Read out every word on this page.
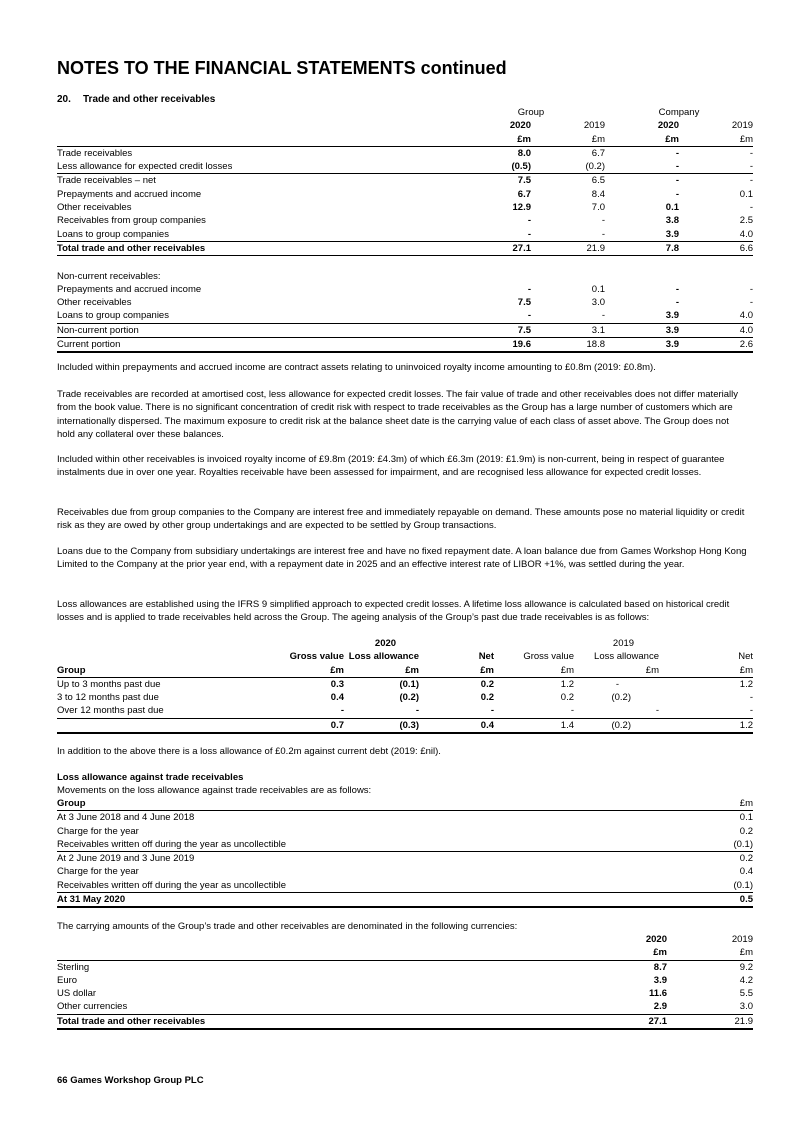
NOTES TO THE FINANCIAL STATEMENTS continued
20. Trade and other receivables
	Group		Company	
	2020	2019	2020	2019
	£m	£m	£m	£m
Trade receivables	8.0	6.7	-	-
Less allowance for expected credit losses	(0.5)	(0.2)	-	-
Trade receivables – net	7.5	6.5	-	-
Prepayments and accrued income	6.7	8.4	-	0.1
Other receivables	12.9	7.0	0.1	-
Receivables from group companies	-	-	3.8	2.5
Loans to group companies	-	-	3.9	4.0
Total trade and other receivables	27.1	21.9	7.8	6.6

Non-current receivables:				
Prepayments and accrued income	-	0.1	-	-
Other receivables	7.5	3.0	-	-
Loans to group companies	-	-	3.9	4.0
Non-current portion	7.5	3.1	3.9	4.0
Current portion	19.6	18.8	3.9	2.6
Included within prepayments and accrued income are contract assets relating to uninvoiced royalty income amounting to £0.8m (2019: £0.8m).
Trade receivables are recorded at amortised cost, less allowance for expected credit losses. The fair value of trade and other receivables does not differ materially from the book value. There is no significant concentration of credit risk with respect to trade receivables as the Group has a large number of customers which are internationally dispersed. The maximum exposure to credit risk at the balance sheet date is the carrying value of each class of asset above. The Group does not hold any collateral over these balances.
Included within other receivables is invoiced royalty income of £9.8m (2019: £4.3m) of which £6.3m (2019: £1.9m) is non-current, being in respect of guarantee instalments due in over one year. Royalties receivable have been assessed for impairment, and are recognised less allowance for expected credit losses.
Receivables due from group companies to the Company are interest free and immediately repayable on demand. These amounts pose no material liquidity or credit risk as they are owed by other group undertakings and are expected to be settled by Group transactions.
Loans due to the Company from subsidiary undertakings are interest free and have no fixed repayment date. A loan balance due from Games Workshop Hong Kong Limited to the Company at the prior year end, with a repayment date in 2025 and an effective interest rate of LIBOR +1%, was settled during the year.
Loss allowances are established using the IFRS 9 simplified approach to expected credit losses. A lifetime loss allowance is calculated based on historical credit losses and is applied to trade receivables held across the Group. The ageing analysis of the Group’s past due trade receivables is as follows:
	2020			2019		
	Gross value	Loss allowance	Net	Gross value	Loss allowance	Net
Group	£m	£m	£m	£m	£m	£m
Up to 3 months past due	0.3	(0.1)	0.2	1.2	-	1.2
3 to 12 months past due	0.4	(0.2)	0.2	0.2	(0.2)	-
Over 12 months past due	-	-	-	-	-	-
	0.7	(0.3)	0.4	1.4	(0.2)	1.2
In addition to the above there is a loss allowance of £0.2m against current debt (2019: £nil).
Loss allowance against trade receivables
Movements on the loss allowance against trade receivables are as follows:
Group	£m
At 3 June 2018 and 4 June 2018	0.1
Charge for the year	0.2
Receivables written off during the year as uncollectible	(0.1)
At 2 June 2019 and 3 June 2019	0.2
Charge for the year	0.4
Receivables written off during the year as uncollectible	(0.1)
At 31 May 2020	0.5
The carrying amounts of the Group’s trade and other receivables are denominated in the following currencies:
	2020	2019
	£m	£m
Sterling	8.7	9.2
Euro	3.9	4.2
US dollar	11.6	5.5
Other currencies	2.9	3.0
Total trade and other receivables	27.1	21.9
66 Games Workshop Group PLC
